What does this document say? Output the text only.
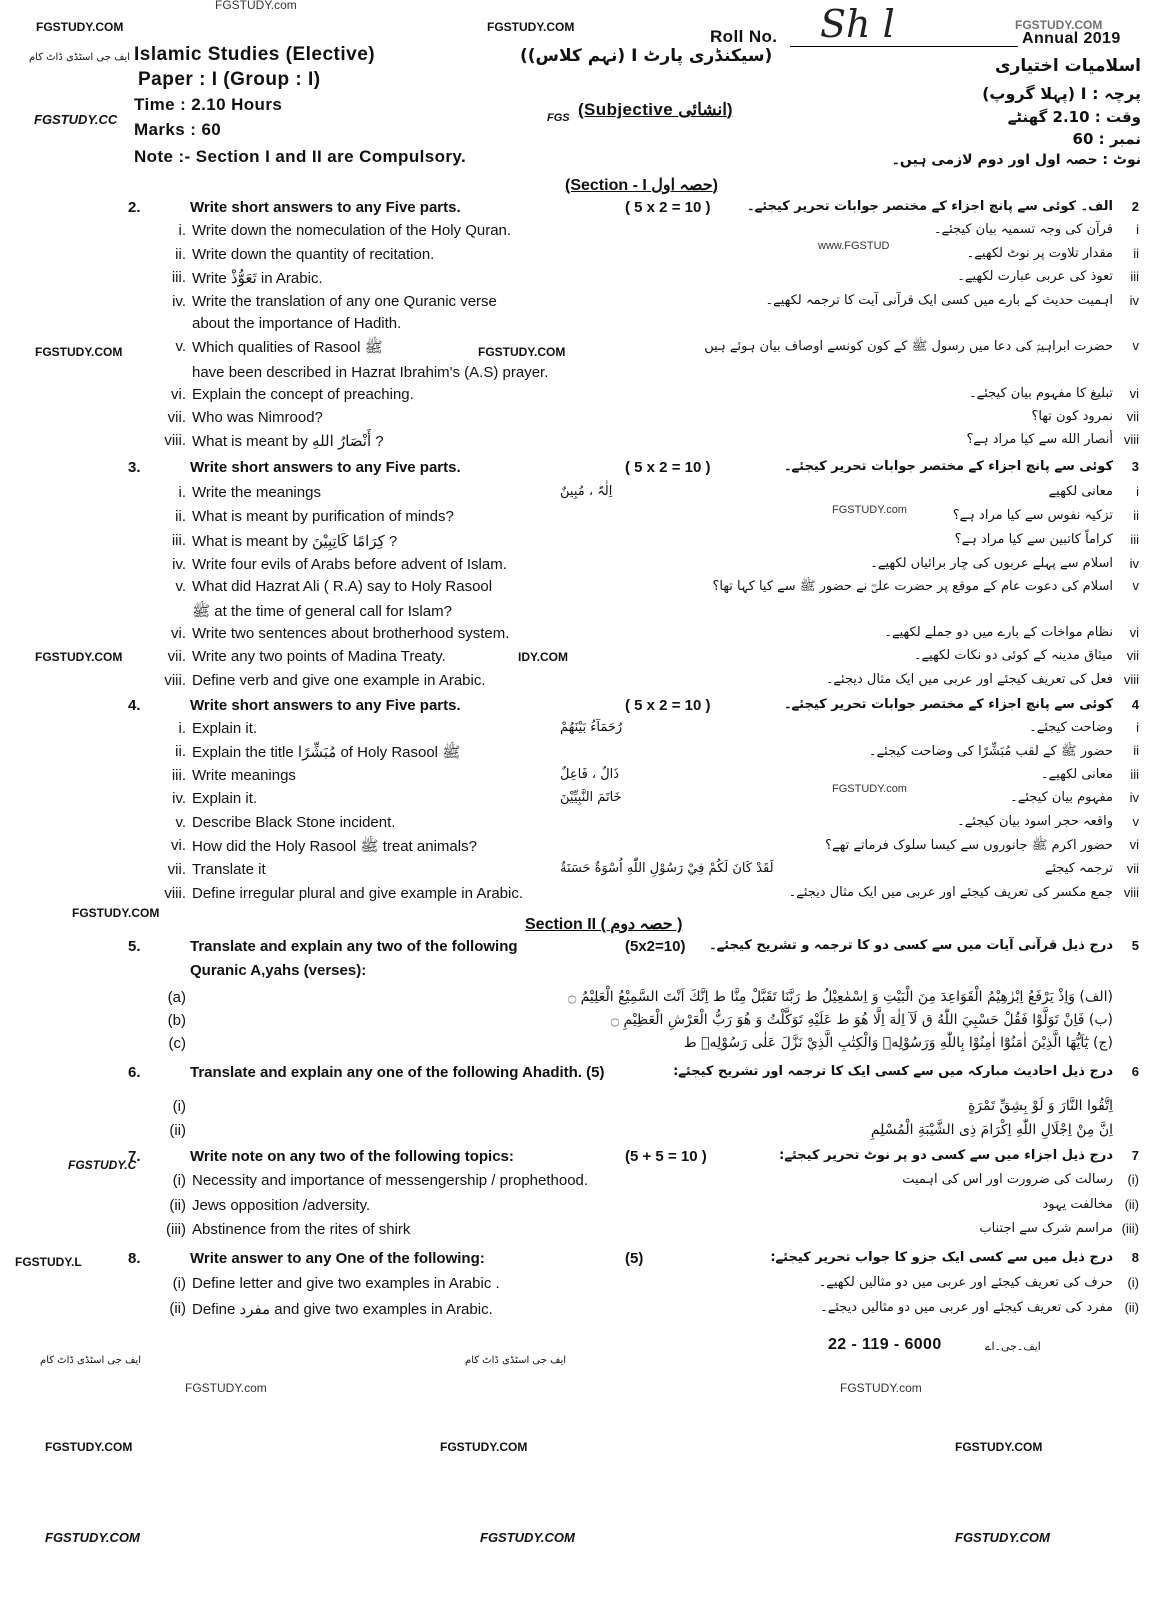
FGSTUDY.com
FGSTUDY.COM	FGSTUDY.COM	FGSTUDY.COM
Roll No. Sh l	Annual 2019
ایف جی اسٹڈی ڈاٹ کام Islamic Studies (Elective)	(سیکنڈری پارٹ I (نہم کلاس))	اسلامیات اختیاری
Paper : I (Group : I)
پرچہ : I (پہلا گروپ)
Time : 2.10 Hours
وقت : 2.10 گھنٹے
FGSTUDY.CC	FGS (Subjective انشائی)
Marks : 60	نمبر : 60
Note :- Section I and II are Compulsory.	نوٹ : حصہ اول اور دوم لازمی ہیں۔
(Section - I حصہ اول)
2.	Write short answers to any Five parts.	( 5 x 2 = 10 )	الف۔ کوئی سے پانچ اجزاء کے مختصر جوابات تحریر کیجئے۔ 2
i. Write down the nomeculation of the Holy Quran.	قرآن کی وجہ تسمیہ بیان کیجئے۔ i
ii. Write down the quantity of recitation.	مقدار تلاوت پر نوٹ لکھیے۔ ii
iii. Write تَعَوُّذْ in Arabic.	تعوذ کی عربی عبارت لکھیے۔ iii
iv. Write the translation of any one Quranic verse	اہمیت حدیث کے بارے میں کسی ایک قرآنی آیت کا ترجمہ لکھیے۔ iv
about the importance of Hadith.
v. Which qualities of Rasool ﷺ	حضرت ابراہیمؑ کی دعا میں رسول ﷺ کے کون کونسے اوصاف بیان ہوئے ہیں v
have been described in Hazrat Ibrahim's (A.S) prayer.
vi. Explain the concept of preaching.	تبلیغ کا مفہوم بیان کیجئے۔ vi
vii. Who was Nimrood?	نمرود کون تھا؟ vii
viii. What is meant by أَنْصَارُ اللهِ ?	أنصار الله سے کیا مراد ہے؟ viii
3.	Write short answers to any Five parts.	( 5 x 2 = 10 )	کوئی سے پانچ اجزاء کے مختصر جوابات تحریر کیجئے۔ 3
i. Write the meanings	اِلٰہٌ ، مُبِينٌ	معانی لکھیے i
ii. What is meant by purification of minds?	تزکیہ نفوس سے کیا مراد ہے؟ ii
iii. What is meant by كِرَامًا كَاتِبِيْنَ ?	کراماً کاتبین سے کیا مراد ہے؟ iii
iv. Write four evils of Arabs before advent of Islam.	اسلام سے پہلے عربوں کی چار برائیاں لکھیے۔ iv
v. What did Hazrat Ali ( R.A) say to Holy Rasool	اسلام کی دعوت عام کے موقع پر حضرت علیؓ نے حضور ﷺ سے کیا کہا تھا؟ v
ﷺ at the time of general call for Islam?
vi. Write two sentences about brotherhood system.	نظام مواخات کے بارے میں دو جملے لکھیے۔ vi
vii. Write any two points of Madina Treaty.	میثاق مدینہ کے کوئی دو نکات لکھیے۔ vii
viii. Define verb and give one example in Arabic.	فعل کی تعریف کیجئے اور عربی میں ایک مثال دیجئے۔ viii
4.	Write short answers to any Five parts.	( 5 x 2 = 10 )	کوئی سے پانچ اجزاء کے مختصر جوابات تحریر کیجئے۔ 4
i. Explain it.	رُحَمَآءُ بَيْنَهُمْ	وضاحت کیجئے۔ i
ii. Explain the title مُبَشِّرًا of Holy Rasool ﷺ	حضور ﷺ کے لقب مُبَشِّرًا کی وضاحت کیجئے۔ ii
iii. Write meanings	ذَالٌ ، فَاعِلٌ	معانی لکھیے۔ iii
iv. Explain it.	خَاتَمَ النَّبِيِّيْنَ	مفہوم بیان کیجئے۔ iv
v. Describe Black Stone incident.	واقعہ حجر اسود بیان کیجئے۔ v
vi. How did the Holy Rasool ﷺ treat animals?	حضور اکرم ﷺ جانوروں سے کیسا سلوک فرماتے تھے؟ vi
vii. Translate it	لَقَدْ كَانَ لَكُمْ فِيْ رَسُوْلِ اللّٰهِ اُسْوَةٌ حَسَنَةٌ	ترجمہ کیجئے vii
viii. Define irregular plural and give example in Arabic.	جمع مکسر کی تعریف کیجئے اور عربی میں ایک مثال دیجئے۔ viii
5.	Translate and explain any two of the following	(5x2=10) درج ذیل قرآنی آیات میں سے کسی دو کا ترجمہ و تشریح کیجئے۔ 5
Quranic A,yahs (verses):
(a)	(الف) وَاِذْ يَرْفَعُ اِبْرٰهِيْمُ الْقَوَاعِدَ مِنَ الْبَيْتِ وَ اِسْمٰعِيْلُ ط رَبَّنَا تَقَبَّلْ مِنَّا ط اِنَّكَ اَنْتَ السَّمِيْعُ الْعَلِيْمُ ۝
(b)	(ب) فَاِنْ تَوَلَّوْا فَقُلْ حَسْبِيَ اللّٰهُ ق لَآ اِلٰهَ اِلَّا هُوَ ط عَلَيْهِ تَوَكَّلْتُ وَ هُوَ رَبُّ الْعَرْشِ الْعَظِيْمِ ۝
(c)	(ج) يٰٓاَيُّهَا الَّذِيْنَ اٰمَنُوْٓا اٰمِنُوْا بِاللّٰهِ وَرَسُوْلِهٖ وَالْكِتٰبِ الَّذِيْ نَزَّلَ عَلٰى رَسُوْلِهٖ ط
6.	Translate and explain any one of the following Ahadith. (5)	درج ذیل احادیث مبارکہ میں سے کسی ایک کا ترجمہ اور تشریح کیجئے: 6
(i)	اِتَّقُوا النَّارَ وَ لَوْ بِشِقِّ تَمْرَةٍ
(ii)	اِنَّ مِنْ اِجْلَالِ اللّٰهِ اِكْرَامَ ذِی الشَّيْبَةِ الْمُسْلِمِ
7.	Write note on any two of the following topics:	(5 + 5 = 10 )	درج ذیل اجزاء میں سے کسی دو پر نوٹ تحریر کیجئے: 7
(i) Necessity and importance of messengership / prophethood.	رسالت کی ضرورت اور اس کی اہمیت (i)
(ii) Jews opposition /adversity.	مخالفت یہود (ii)
(iii) Abstinence from the rites of shirk	مراسم شرک سے اجتناب (iii)
8.	Write answer to any One of the following:	(5)	درج ذیل میں سے کسی ایک جزو کا جواب تحریر کیجئے: 8
(i) Define letter and give two examples in Arabic .	حرف کی تعریف کیجئے اور عربی میں دو مثالیں لکھیے۔ (i)
(ii) Define مفرد and give two examples in Arabic.	مفرد کی تعریف کیجئے اور عربی میں دو مثالیں دیجئے۔ (ii)
www.FGSTUD
FGSTUDY.COM	FGSTUDY.COM
FGSTUDY.com
FGSTUDY.COM	IDY.COM
FGSTUDY.com
FGSTUDY.COM
Section II ( حصہ دوم )
FGSTUDY.C
FGSTUDY.L
ایف جی اسٹڈی ڈاٹ کام	ایف جی اسٹڈی ڈاٹ کام
22 - 119 - 6000	ایف۔جی۔اے
FGSTUDY.com	FGSTUDY.com
FGSTUDY.COM	FGSTUDY.COM	FGSTUDY.COM
FGSTUDY.COM	FGSTUDY.COM	FGSTUDY.COM
